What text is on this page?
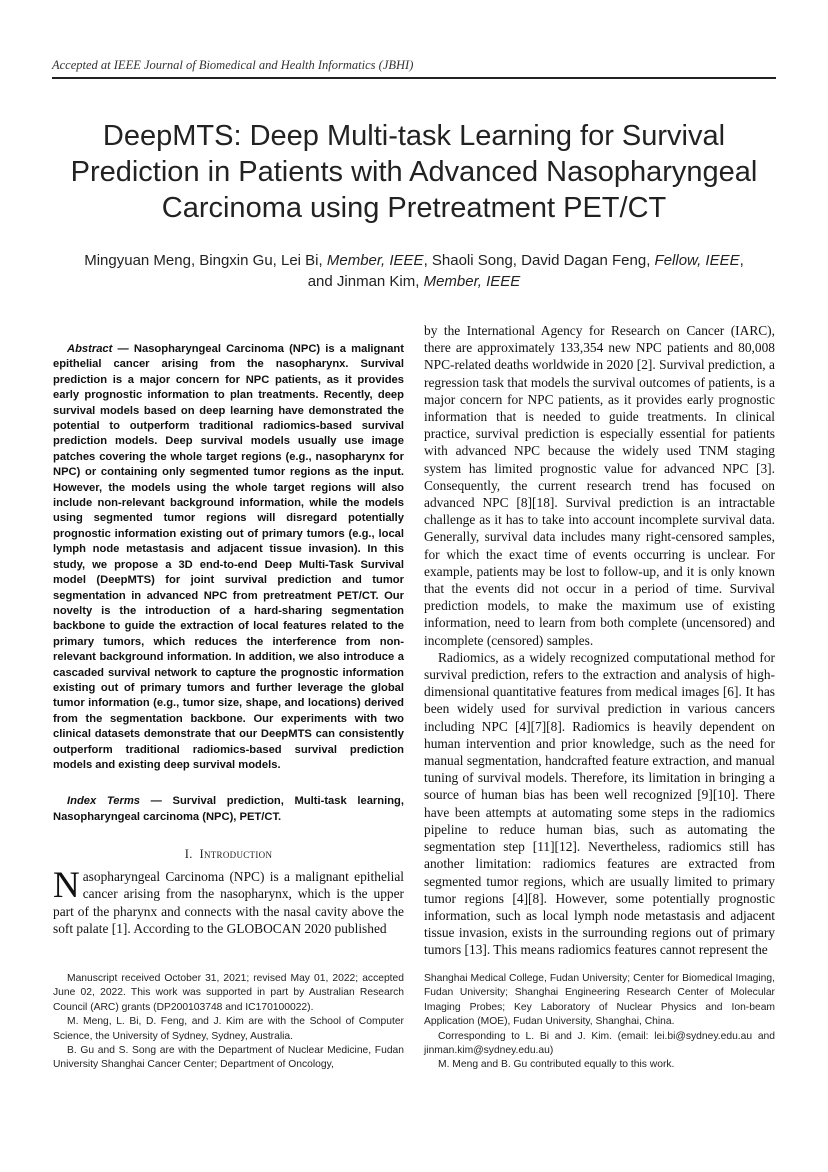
Accepted at IEEE Journal of Biomedical and Health Informatics (JBHI)
DeepMTS: Deep Multi-task Learning for Survival Prediction in Patients with Advanced Nasopharyngeal Carcinoma using Pretreatment PET/CT
Mingyuan Meng, Bingxin Gu, Lei Bi, Member, IEEE, Shaoli Song, David Dagan Feng, Fellow, IEEE, and Jinman Kim, Member, IEEE

Abstract — Nasopharyngeal Carcinoma (NPC) is a malignant epithelial cancer arising from the nasopharynx. Survival prediction is a major concern for NPC patients, as it provides early prognostic information to plan treatments. Recently, deep survival models based on deep learning have demonstrated the potential to outperform traditional radiomics-based survival prediction models. Deep survival models usually use image patches covering the whole target regions (e.g., nasopharynx for NPC) or containing only segmented tumor regions as the input. However, the models using the whole target regions will also include non-relevant background information, while the models using segmented tumor regions will disregard potentially prognostic information existing out of primary tumors (e.g., local lymph node metastasis and adjacent tissue invasion). In this study, we propose a 3D end-to-end Deep Multi-Task Survival model (DeepMTS) for joint survival prediction and tumor segmentation in advanced NPC from pretreatment PET/CT. Our novelty is the introduction of a hard-sharing segmentation backbone to guide the extraction of local features related to the primary tumors, which reduces the interference from non-relevant background information. In addition, we also introduce a cascaded survival network to capture the prognostic information existing out of primary tumors and further leverage the global tumor information (e.g., tumor size, shape, and locations) derived from the segmentation backbone. Our experiments with two clinical datasets demonstrate that our DeepMTS can consistently outperform traditional radiomics-based survival prediction models and existing deep survival models.

Index Terms — Survival prediction, Multi-task learning, Nasopharyngeal carcinoma (NPC), PET/CT.

I. Introduction

Nasopharyngeal Carcinoma (NPC) is a malignant epithelial cancer arising from the nasopharynx, which is the upper part of the pharynx and connects with the nasal cavity above the soft palate [1]. According to the GLOBOCAN 2020 published

by the International Agency for Research on Cancer (IARC), there are approximately 133,354 new NPC patients and 80,008 NPC-related deaths worldwide in 2020 [2]. Survival prediction, a regression task that models the survival outcomes of patients, is a major concern for NPC patients, as it provides early prognostic information that is needed to guide treatments. In clinical practice, survival prediction is especially essential for patients with advanced NPC because the widely used TNM staging system has limited prognostic value for advanced NPC [3]. Consequently, the current research trend has focused on advanced NPC [8][18]. Survival prediction is an intractable challenge as it has to take into account incomplete survival data. Generally, survival data includes many right-censored samples, for which the exact time of events occurring is unclear. For example, patients may be lost to follow-up, and it is only known that the events did not occur in a period of time. Survival prediction models, to make the maximum use of existing information, need to learn from both complete (uncensored) and incomplete (censored) samples.

Radiomics, as a widely recognized computational method for survival prediction, refers to the extraction and analysis of high-dimensional quantitative features from medical images [6]. It has been widely used for survival prediction in various cancers including NPC [4][7][8]. Radiomics is heavily dependent on human intervention and prior knowledge, such as the need for manual segmentation, handcrafted feature extraction, and manual tuning of survival models. Therefore, its limitation in bringing a source of human bias has been well recognized [9][10]. There have been attempts at automating some steps in the radiomics pipeline to reduce human bias, such as automating the segmentation step [11][12]. Nevertheless, radiomics still has another limitation: radiomics features are extracted from segmented tumor regions, which are usually limited to primary tumor regions [4][8]. However, some potentially prognostic information, such as local lymph node metastasis and adjacent tissue invasion, exists in the surrounding regions out of primary tumors [13]. This means radiomics features cannot represent the

Manuscript received October 31, 2021; revised May 01, 2022; accepted June 02, 2022. This work was supported in part by Australian Research Council (ARC) grants (DP200103748 and IC170100022).

M. Meng, L. Bi, D. Feng, and J. Kim are with the School of Computer Science, the University of Sydney, Sydney, Australia.

B. Gu and S. Song are with the Department of Nuclear Medicine, Fudan University Shanghai Cancer Center; Department of Oncology,

Shanghai Medical College, Fudan University; Center for Biomedical Imaging, Fudan University; Shanghai Engineering Research Center of Molecular Imaging Probes; Key Laboratory of Nuclear Physics and Ion-beam Application (MOE), Fudan University, Shanghai, China.

Corresponding to L. Bi and J. Kim. (email: lei.bi@sydney.edu.au and jinman.kim@sydney.edu.au)

M. Meng and B. Gu contributed equally to this work.
